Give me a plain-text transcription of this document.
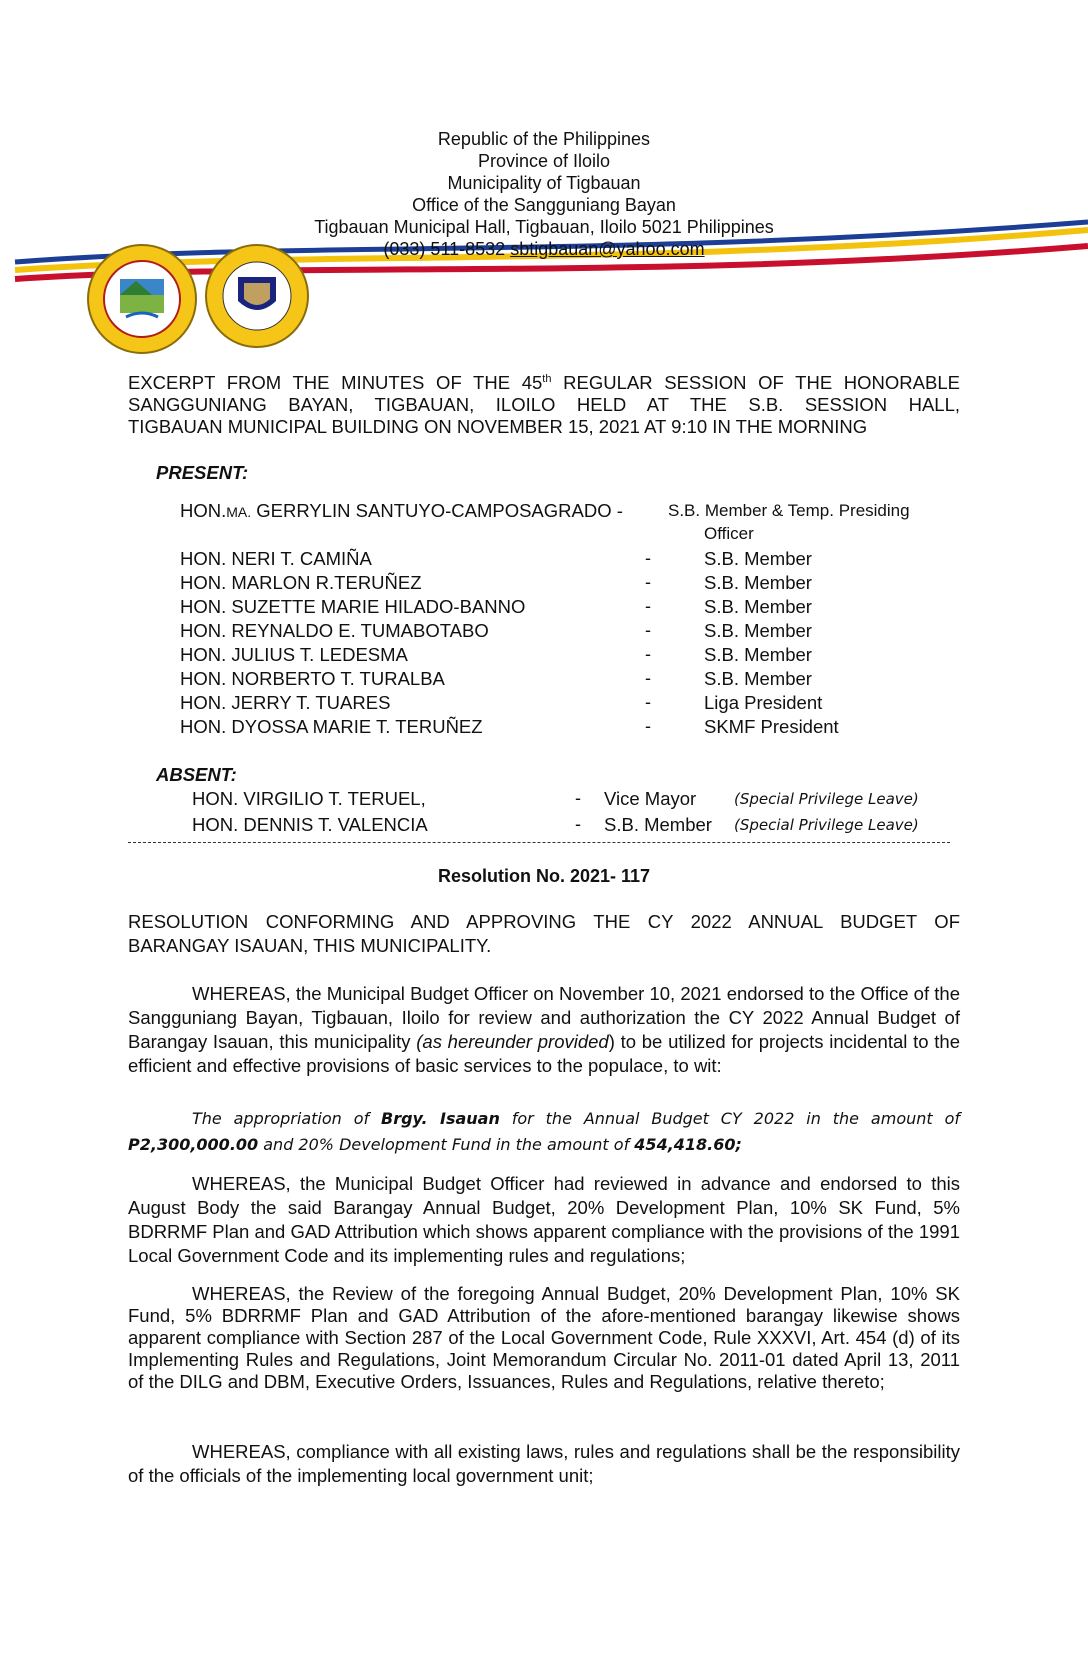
Republic of the Philippines
Province of Iloilo
Municipality of Tigbauan
Office of the Sangguniang Bayan
Tigbauan Municipal Hall, Tigbauan, Iloilo 5021 Philippines
(033) 511-8532 sbtigbauan@yahoo.com
EXCERPT FROM THE MINUTES OF THE 45th REGULAR SESSION OF THE HONORABLE
SANGGUNIANG BAYAN, TIGBAUAN, ILOILO HELD AT THE S.B. SESSION HALL,
TIGBAUAN MUNICIPAL BUILDING ON NOVEMBER 15, 2021 AT 9:10 IN THE MORNING
PRESENT:
HON.MA. GERRYLIN SANTUYO-CAMPOSAGRADO -	S.B. Member & Temp. Presiding
Officer
HON. NERI T. CAMIÑA	-	S.B. Member
HON. MARLON R.TERUÑEZ	-	S.B. Member
HON. SUZETTE MARIE HILADO-BANNO	-	S.B. Member
HON. REYNALDO E. TUMABOTABO	-	S.B. Member
HON. JULIUS T. LEDESMA	-	S.B. Member
HON. NORBERTO T. TURALBA	-	S.B. Member
HON. JERRY T. TUARES	-	Liga President
HON. DYOSSA MARIE T. TERUÑEZ	-	SKMF President
ABSENT:
HON. VIRGILIO T. TERUEL,	- Vice Mayor	(Special Privilege Leave)
HON. DENNIS T. VALENCIA	- S.B. Member (Special Privilege Leave)
Resolution No. 2021- 117
RESOLUTION CONFORMING AND APPROVING THE CY 2022 ANNUAL BUDGET OF
BARANGAY ISAUAN, THIS MUNICIPALITY.

WHEREAS, the Municipal Budget Officer on November 10, 2021 endorsed to the Office of the Sangguniang Bayan, Tigbauan, Iloilo for review and authorization the CY 2022 Annual Budget of Barangay Isauan, this municipality (as hereunder provided) to be utilized for projects incidental to the efficient and effective provisions of basic services to the populace, to wit:

The appropriation of Brgy. Isauan for the Annual Budget CY 2022 in the amount of P2,300,000.00 and 20% Development Fund in the amount of 454,418.60;

WHEREAS, the Municipal Budget Officer had reviewed in advance and endorsed to this August Body the said Barangay Annual Budget, 20% Development Plan, 10% SK Fund, 5% BDRRMF Plan and GAD Attribution which shows apparent compliance with the provisions of the 1991 Local Government Code and its implementing rules and regulations;

WHEREAS, the Review of the foregoing Annual Budget, 20% Development Plan, 10% SK Fund, 5% BDRRMF Plan and GAD Attribution of the afore-mentioned barangay likewise shows apparent compliance with Section 287 of the Local Government Code, Rule XXXVI, Art. 454 (d) of its Implementing Rules and Regulations, Joint Memorandum Circular No. 2011-01 dated April 13, 2011 of the DILG and DBM, Executive Orders, Issuances, Rules and Regulations, relative thereto;

WHEREAS, compliance with all existing laws, rules and regulations shall be the responsibility of the officials of the implementing local government unit;
